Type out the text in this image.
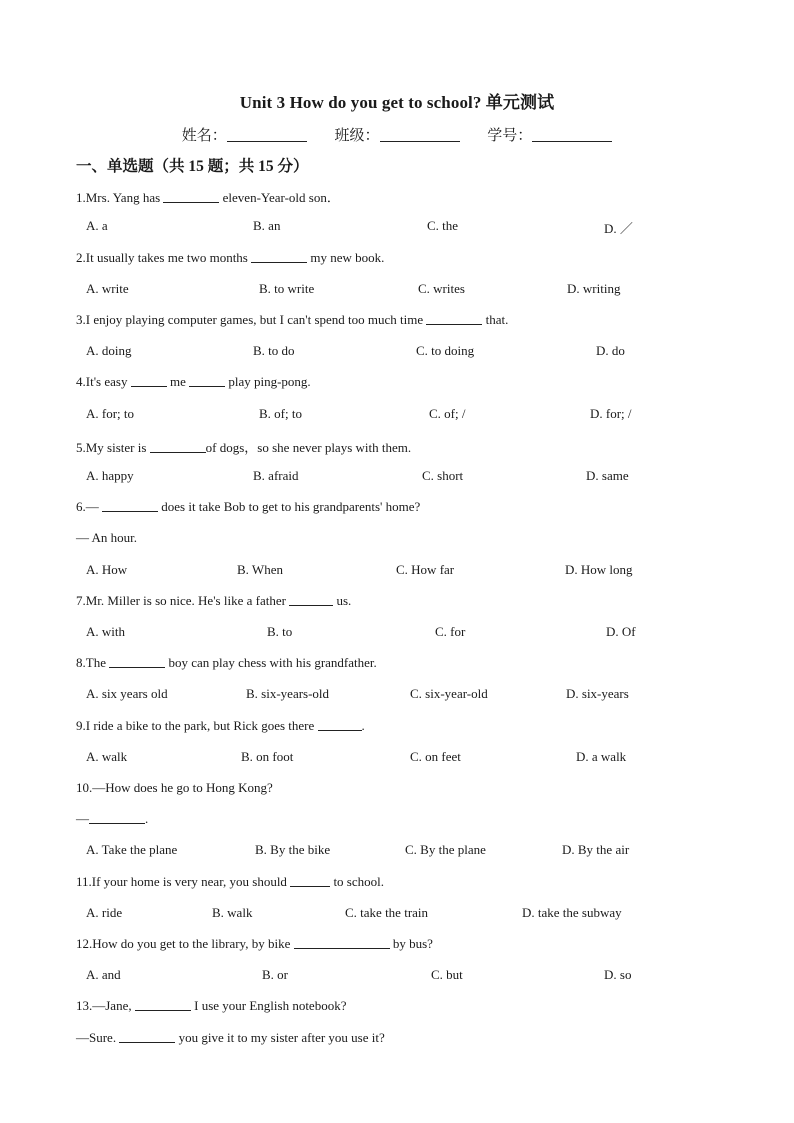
Unit 3 How do you get to school? 单元测试
姓名：	班级：	学号：
一、单选题（共 15 题；共 15 分）
1.Mrs. Yang has	eleven-Year-old son．
A. a	B. an	C. the	D. ／
2.It usually takes me two months	my new book.
A. write	B. to write	C. writes	D. writing
3.I enjoy playing computer games, but I can't spend too much time	that.
A. doing	B. to do	C. to doing	D. do
4.It's easy	me	play ping-pong.
A. for; to	B. of; to	C. of; /	D. for; /
5.My sister is	of dogs，so she never plays with them.
A. happy	B. afraid	C. short	D. same
6.—	does it take Bob to get to his grandparents' home?
— An hour.
A. How	B. When	C. How far	D. How long
7.Mr. Miller is so nice. He's like a father	us.
A. with	B. to	C. for	D. Of
8.The	boy can play chess with his grandfather.
A. six years old	B. six-years-old	C. six-year-old	D. six-years
9.I ride a bike to the park, but Rick goes there	.
A. walk	B. on foot	C. on feet	D. a walk
10.—How does he go to Hong Kong?
—	.
A. Take the plane	B. By the bike	C. By the plane	D. By the air
11.If your home is very near, you should	to school.
A. ride	B. walk	C. take the train	D. take the subway
12.How do you get to the library, by bike	by bus?
A. and	B. or	C. but	D. so
13.—Jane,	I use your English notebook?
—Sure.	you give it to my sister after you use it?
